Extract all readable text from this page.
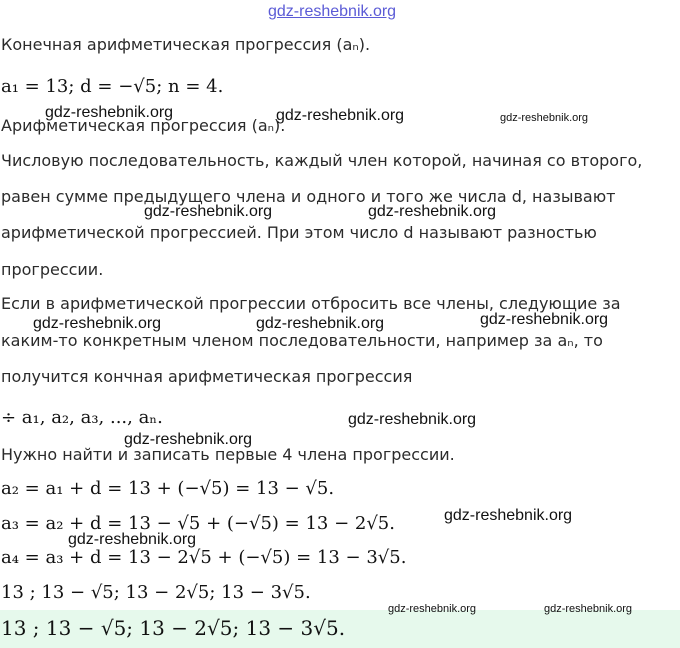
Конечная арифметическая прогрессия (aₙ).
a₁ = 13; d = −√5; n = 4.
Арифметическая прогрессия (aₙ).
Числовую последовательность, каждый член которой, начиная со второго,
равен сумме предыдущего члена и одного и того же числа d, называют
арифметической прогрессией. При этом число d называют разностью
прогрессии.
Если в арифметической прогрессии отбросить все члены, следующие за
каким-то конкретным членом последовательности, например за aₙ, то
получится кончная арифметическая прогрессия
÷ a₁, a₂, a₃, ..., aₙ.
Нужно найти и записать первые 4 члена прогрессии.
a₂ = a₁ + d = 13 + (−√5) = 13 − √5.
a₃ = a₂ + d = 13 − √5 + (−√5) = 13 − 2√5.
a₄ = a₃ + d = 13 − 2√5 + (−√5) = 13 − 3√5.
13 ; 13 − √5; 13 − 2√5; 13 − 3√5.
13 ; 13 − √5; 13 − 2√5; 13 − 3√5.
gdz-reshebnik.org
gdz-reshebnik.org	gdz-reshebnik.org	gdz-reshebnik.org
gdz-reshebnik.org	gdz-reshebnik.org
gdz-reshebnik.org	gdz-reshebnik.org	gdz-reshebnik.org
gdz-reshebnik.org
gdz-reshebnik.org
gdz-reshebnik.org
gdz-reshebnik.org
gdz-reshebnik.org	gdz-reshebnik.org
